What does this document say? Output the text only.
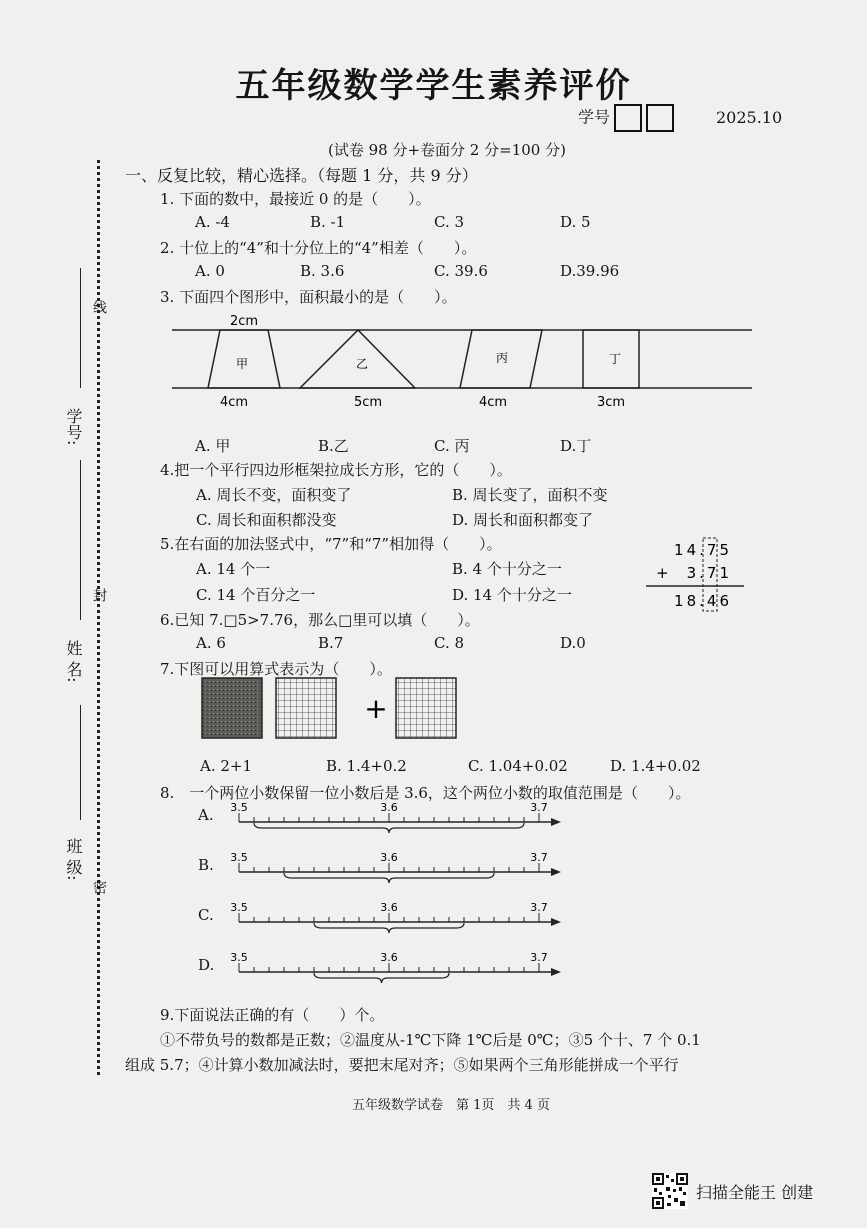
五年级数学学生素养评价
学号	2025.10
(试卷 98 分+卷面分 2 分=100 分)
班 级:
姓 名:
学号:
密
封
线
一、反复比较，精心选择。（每题 1 分，共 9 分）
1. 下面的数中，最接近 0 的是（　　）。
A. -4	B. -1	C. 3	D. 5
2. 十位上的“4”和十分位上的“4”相差（　　）。
A. 0	B. 3.6	C. 39.6	D.39.96
3. 下面四个图形中，面积最小的是（　　）。
2cm
甲	乙	丙	丁
4cm	5cm	4cm	3cm
A. 甲	B.乙	C. 丙	D.丁
4.把一个平行四边形框架拉成长方形，它的（　　）。
A. 周长不变，面积变了	B. 周长变了，面积不变
C. 周长和面积都没变	D. 周长和面积都变了
5.在右面的加法竖式中，“7”和“7”相加得（　　）。
A. 14 个一	B. 4 个十分之一
C. 14 个百分之一	D. 14 个十分之一
14.75
+ 3.71
18.46
6.已知 7.□5>7.76，那么□里可以填（　　）。
A. 6	B.7	C. 8	D.0
7.下图可以用算式表示为（　　）。
+
A. 2+1	B. 1.4+0.2	C. 1.04+0.02	D. 1.4+0.02
8.　一个两位小数保留一位小数后是 3.6，这个两位小数的取值范围是（　　）。
A.
B.
C.
D.
3.5	3.6	3.7
3.5	3.6	3.7
3.5	3.6	3.7
3.5	3.6	3.7
9.下面说法正确的有（　　）个。
①不带负号的数都是正数；②温度从-1℃下降 1℃后是 0℃；③5 个十、7 个 0.1
组成 5.7；④计算小数加减法时，要把末尾对齐；⑤如果两个三角形能拼成一个平行
五年级数学试卷　第 1页　共 4 页
扫描全能王 创建
